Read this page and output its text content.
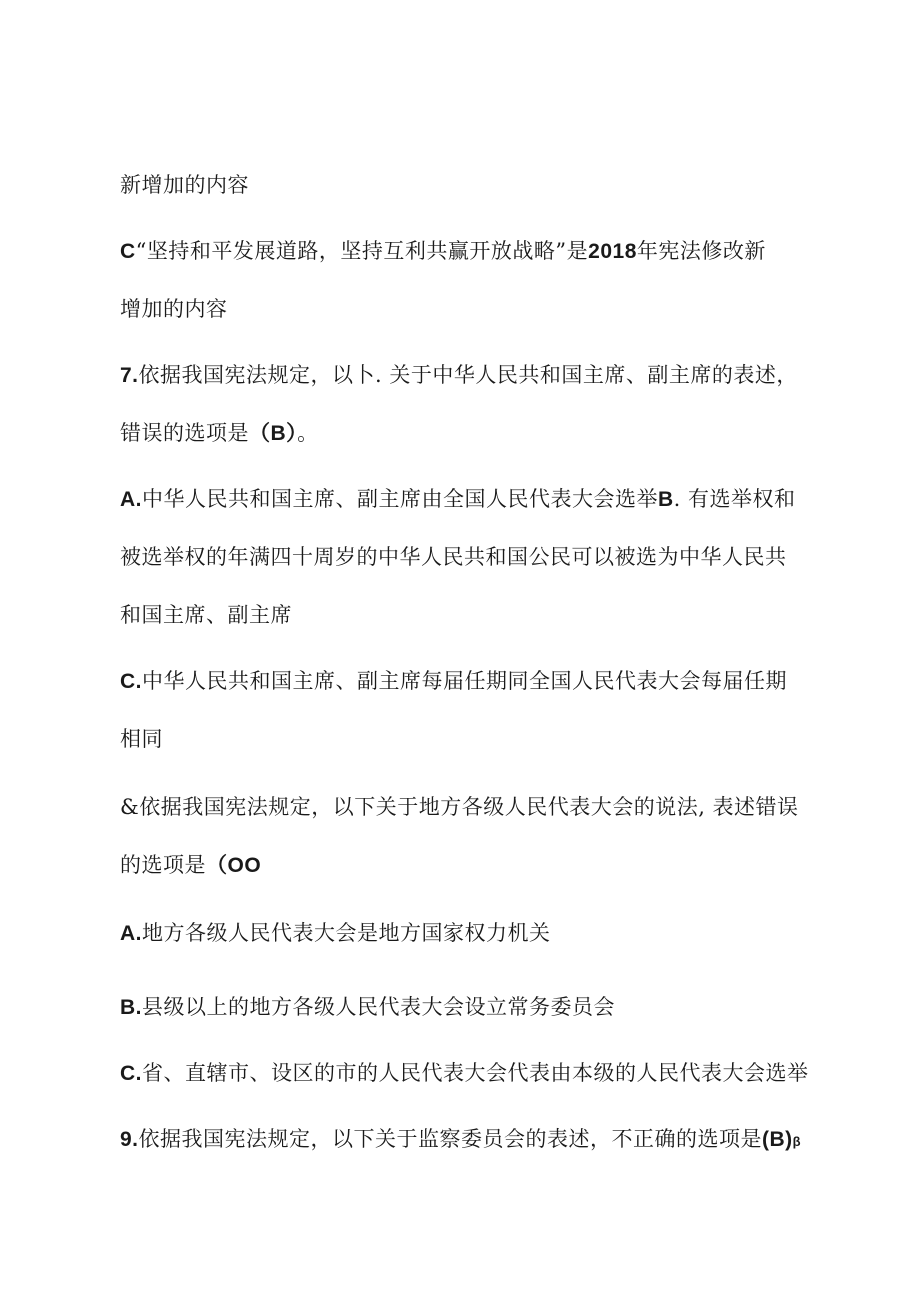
新增加的内容
C“坚持和平发展道路，坚持互利共赢开放战略”是2018年宪法修改新
增加的内容
7.依据我国宪法规定，以卜. 关于中华人民共和国主席、副主席的表述，
错误的选项是（B）。
A.中华人民共和国主席、副主席由全国人民代表大会选举B. 有选举权和
被选举权的年满四十周岁的中华人民共和国公民可以被选为中华人民共
和国主席、副主席
C.中华人民共和国主席、副主席每届任期同全国人民代表大会每届任期
相同
&依据我国宪法规定，以下关于地方各级人民代表大会的说法, 表述错误
的选项是（OO
A.地方各级人民代表大会是地方国家权力机关
B.县级以上的地方各级人民代表大会设立常务委员会
C.省、直辖市、设区的市的人民代表大会代表由本级的人民代表大会选举
9.依据我国宪法规定，以下关于监察委员会的表述，不正确的选项是(B)β
